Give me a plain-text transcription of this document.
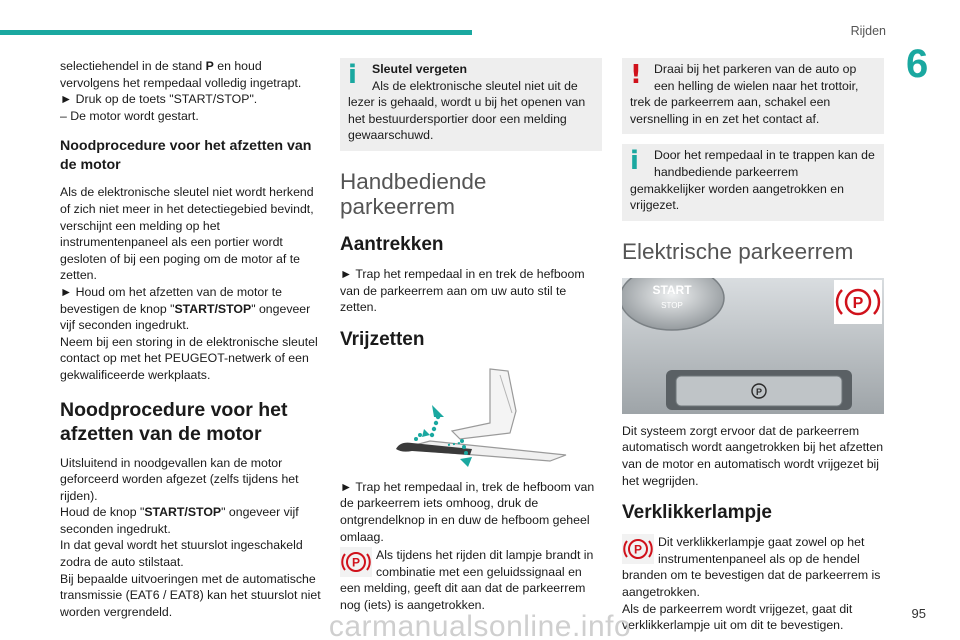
Rijden
6

selectiehendel in de stand P en houd vervolgens het rempedaal volledig ingetrapt.

► Druk op de toets "START/STOP".

– De motor wordt gestart.

Noodprocedure voor het afzetten van de motor

Als de elektronische sleutel niet wordt herkend of zich niet meer in het detectiegebied bevindt, verschijnt een melding op het instrumentenpaneel als een portier wordt gesloten of bij een poging om de motor af te zetten.

► Houd om het afzetten van de motor te bevestigen de knop "START/STOP" ongeveer vijf seconden ingedrukt.

Neem bij een storing in de elektronische sleutel contact op met het PEUGEOT-netwerk of een gekwalificeerde werkplaats.

Noodprocedure voor het afzetten van de motor

Uitsluitend in noodgevallen kan de motor geforceerd worden afgezet (zelfs tijdens het rijden).

Houd de knop "START/STOP" ongeveer vijf seconden ingedrukt.

In dat geval wordt het stuurslot ingeschakeld zodra de auto stilstaat.

Bij bepaalde uitvoeringen met de automatische transmissie (EAT6 / EAT8) kan het stuurslot niet worden vergrendeld.

i	Sleutel vergeten
Als de elektronische sleutel niet uit de lezer is gehaald, wordt u bij het openen van het bestuurdersportier door een melding gewaarschuwd.
Handbediende parkeerrem
Aantrekken

► Trap het rempedaal in en trek de hefboom van de parkeerrem aan om uw auto stil te zetten.

Vrijzetten

► Trap het rempedaal in, trek de hefboom van de parkeerrem iets omhoog, druk de ontgrendelknop in en duw de hefboom geheel omlaag.

P
Als tijdens het rijden dit lampje brandt in combinatie met een geluidssignaal en een melding, geeft dit aan dat de parkeerrem nog (iets) is aangetrokken.
! Draai bij het parkeren van de auto op een helling de wielen naar het trottoir, trek de parkeerrem aan, schakel een versnelling in en zet het contact af.
i	Door het rempedaal in te trappen kan de handbediende parkeerrem gemakkelijker worden aangetrokken en vrijgezet.
Elektrische parkeerrem
START
STOP
P
P

Dit systeem zorgt ervoor dat de parkeerrem automatisch wordt aangetrokken bij het afzetten van de motor en automatisch wordt vrijgezet bij het wegrijden.

Verklikkerlampje
P
Dit verklikkerlampje gaat zowel op het instrumentenpaneel als op de hendel branden om te bevestigen dat de parkeerrem is aangetrokken.

Als de parkeerrem wordt vrijgezet, gaat dit verklikkerlampje uit om dit te bevestigen.

95
carmanualsonline.info
